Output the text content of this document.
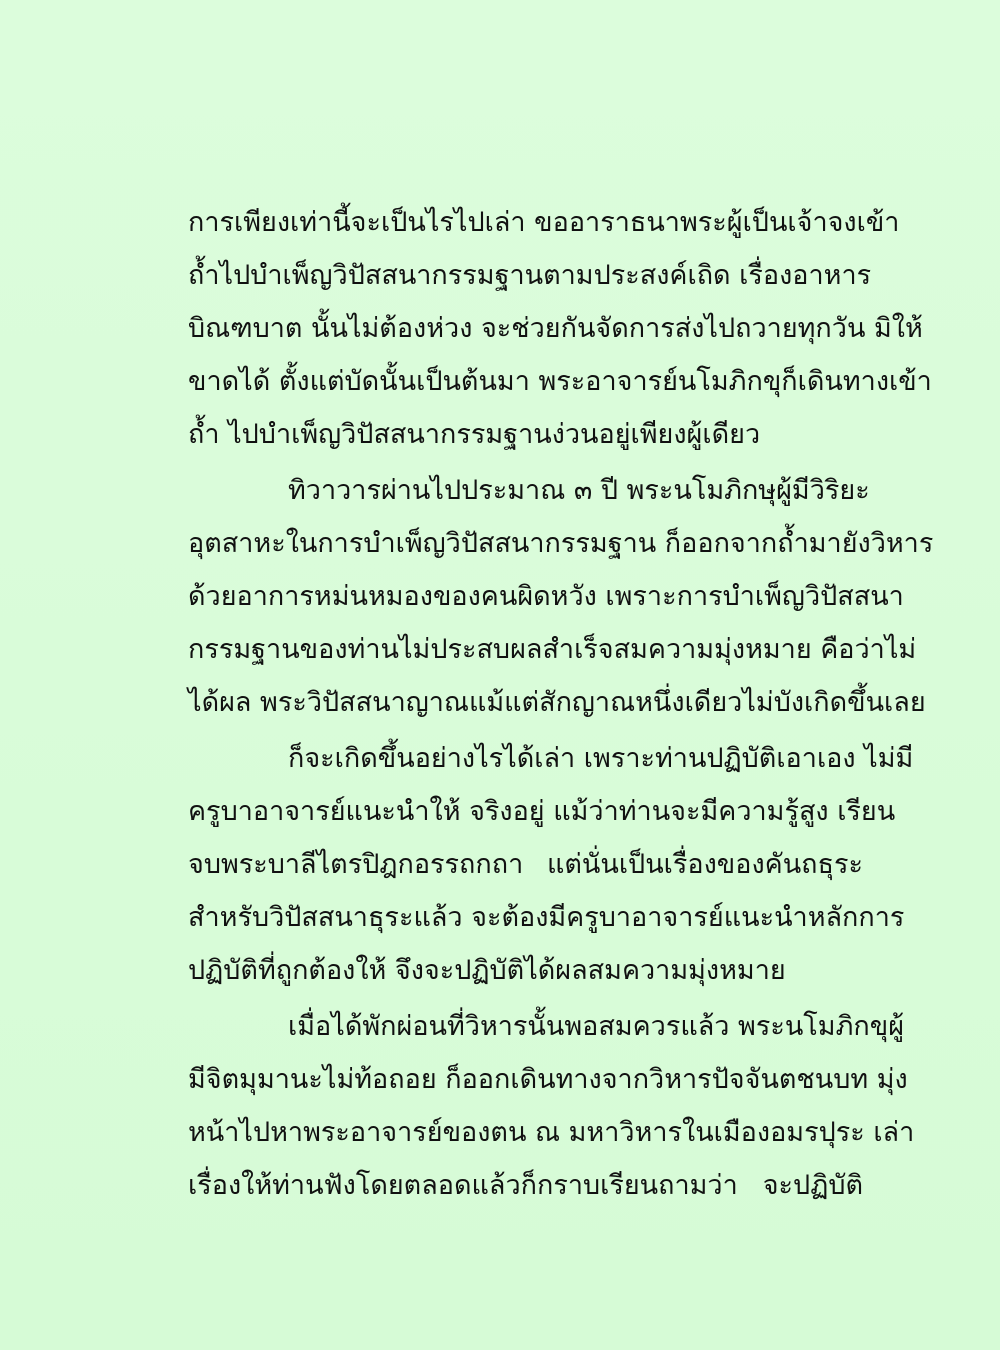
การเพียงเท่านี้จะเป็นไรไปเล่า ขออาราธนาพระผู้เป็นเจ้าจงเข้า
ถ้ำไปบำเพ็ญวิปัสสนากรรมฐานตามประสงค์เถิด เรื่องอาหาร
บิณฑบาต นั้นไม่ต้องห่วง จะช่วยกันจัดการส่งไปถวายทุกวัน มิให้
ขาดได้ ตั้งแต่บัดนั้นเป็นต้นมา พระอาจารย์นโมภิกขุก็เดินทางเข้า
ถ้ำ ไปบำเพ็ญวิปัสสนากรรมฐานง่วนอยู่เพียงผู้เดียว
ทิวาวารผ่านไปประมาณ ๓ ปี พระนโมภิกษุผู้มีวิริยะ
อุตสาหะในการบำเพ็ญวิปัสสนากรรมฐาน ก็ออกจากถ้ำมายังวิหาร
ด้วยอาการหม่นหมองของคนผิดหวัง เพราะการบำเพ็ญวิปัสสนา
กรรมฐานของท่านไม่ประสบผลสำเร็จสมความมุ่งหมาย คือว่าไม่
ได้ผล พระวิปัสสนาญาณแม้แต่สักญาณหนึ่งเดียวไม่บังเกิดขึ้นเลย
ก็จะเกิดขึ้นอย่างไรได้เล่า เพราะท่านปฏิบัติเอาเอง ไม่มี
ครูบาอาจารย์แนะนำให้ จริงอยู่ แม้ว่าท่านจะมีความรู้สูง เรียน
จบพระบาลีไตรปิฎกอรรถกถา แต่นั่นเป็นเรื่องของคันถธุระ
สำหรับวิปัสสนาธุระแล้ว จะต้องมีครูบาอาจารย์แนะนำหลักการ
ปฏิบัติที่ถูกต้องให้ จึงจะปฏิบัติได้ผลสมความมุ่งหมาย
เมื่อได้พักผ่อนที่วิหารนั้นพอสมควรแล้ว พระนโมภิกขุผู้
มีจิตมุมานะไม่ท้อถอย ก็ออกเดินทางจากวิหารปัจจันตชนบท มุ่ง
หน้าไปหาพระอาจารย์ของตน ณ มหาวิหารในเมืองอมรปุระ เล่า
เรื่องให้ท่านฟังโดยตลอดแล้วก็กราบเรียนถามว่า จะปฏิบัติ
